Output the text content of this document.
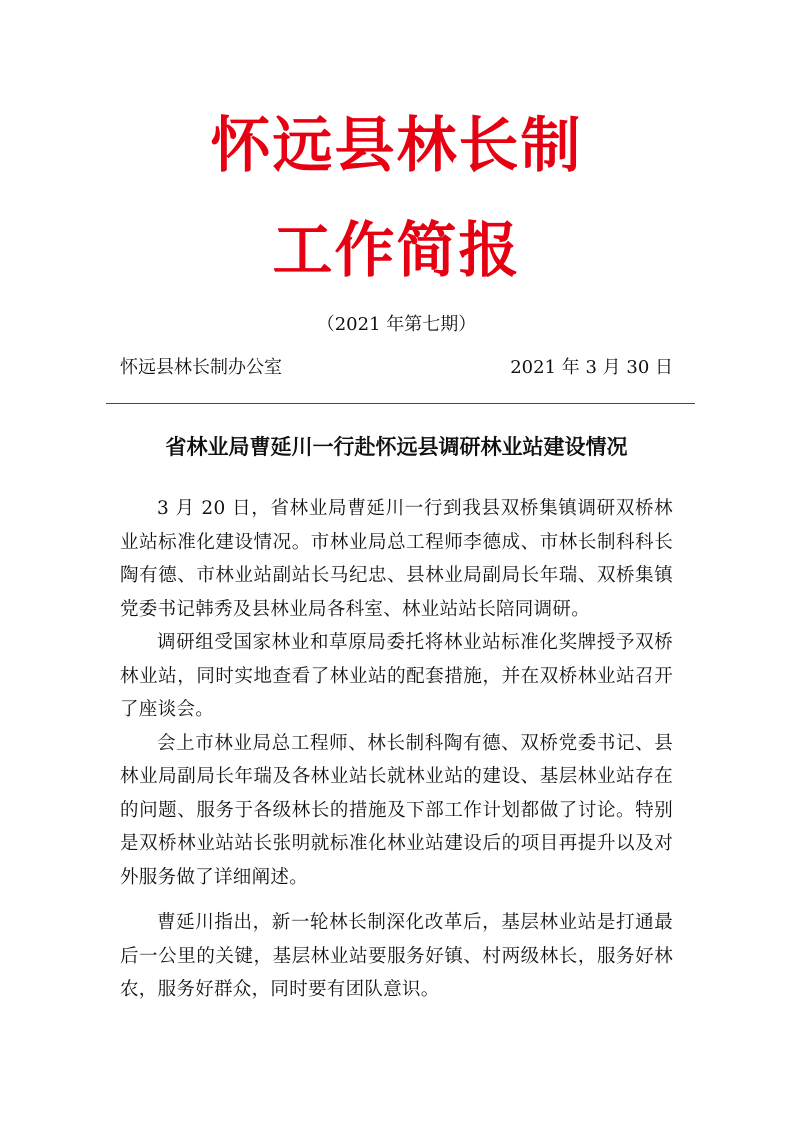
怀远县林长制
工作简报
（2021 年第七期）
怀远县林长制办公室	2021 年 3 月 30 日
省林业局曹延川一行赴怀远县调研林业站建设情况

3 月 20 日，省林业局曹延川一行到我县双桥集镇调研双桥林业站标准化建设情况。市林业局总工程师李德成、市林长制科科长陶有德、市林业站副站长马纪忠、县林业局副局长年瑞、双桥集镇党委书记韩秀及县林业局各科室、林业站站长陪同调研。

调研组受国家林业和草原局委托将林业站标准化奖牌授予双桥林业站，同时实地查看了林业站的配套措施，并在双桥林业站召开了座谈会。

会上市林业局总工程师、林长制科陶有德、双桥党委书记、县林业局副局长年瑞及各林业站长就林业站的建设、基层林业站存在的问题、服务于各级林长的措施及下部工作计划都做了讨论。特别是双桥林业站站长张明就标准化林业站建设后的项目再提升以及对外服务做了详细阐述。

曹延川指出，新一轮林长制深化改革后，基层林业站是打通最后一公里的关键，基层林业站要服务好镇、村两级林长，服务好林农，服务好群众，同时要有团队意识。
